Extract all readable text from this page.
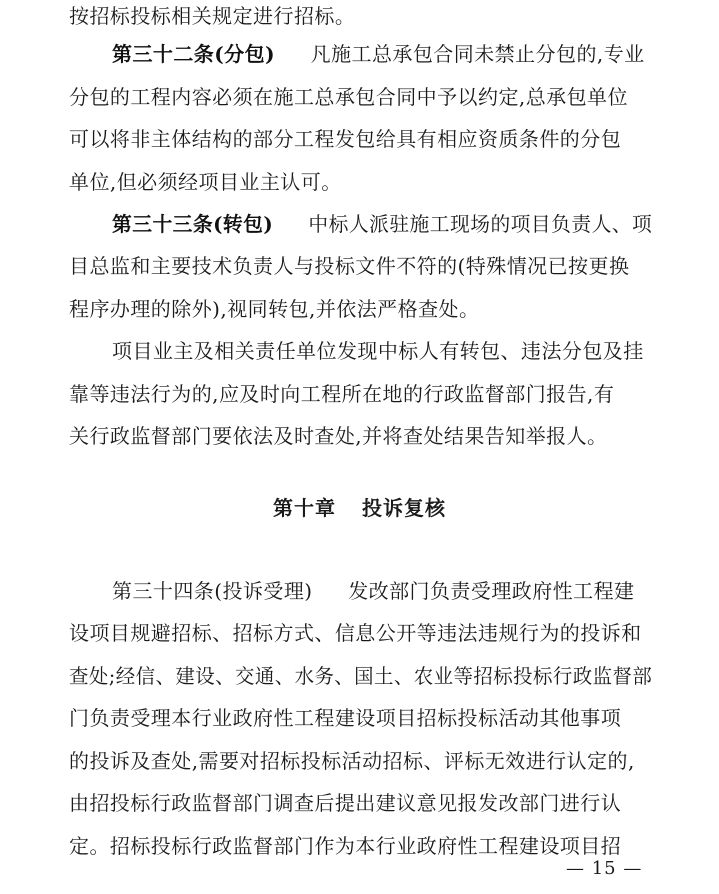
按招标投标相关规定进行招标。
第三十二条(分包) 凡施工总承包合同未禁止分包的,专业
分包的工程内容必须在施工总承包合同中予以约定,总承包单位
可以将非主体结构的部分工程发包给具有相应资质条件的分包
单位,但必须经项目业主认可。
第三十三条(转包) 中标人派驻施工现场的项目负责人、项
目总监和主要技术负责人与投标文件不符的(特殊情况已按更换
程序办理的除外),视同转包,并依法严格查处。
项目业主及相关责任单位发现中标人有转包、违法分包及挂
靠等违法行为的,应及时向工程所在地的行政监督部门报告,有
关行政监督部门要依法及时查处,并将查处结果告知举报人。
第十章 投诉复核
第三十四条(投诉受理) 发改部门负责受理政府性工程建
设项目规避招标、招标方式、信息公开等违法违规行为的投诉和
查处;经信、建设、交通、水务、国土、农业等招标投标行政监督部
门负责受理本行业政府性工程建设项目招标投标活动其他事项
的投诉及查处,需要对招标投标活动招标、评标无效进行认定的,
由招投标行政监督部门调查后提出建议意见报发改部门进行认
定。招标投标行政监督部门作为本行业政府性工程建设项目招
— 15 —
